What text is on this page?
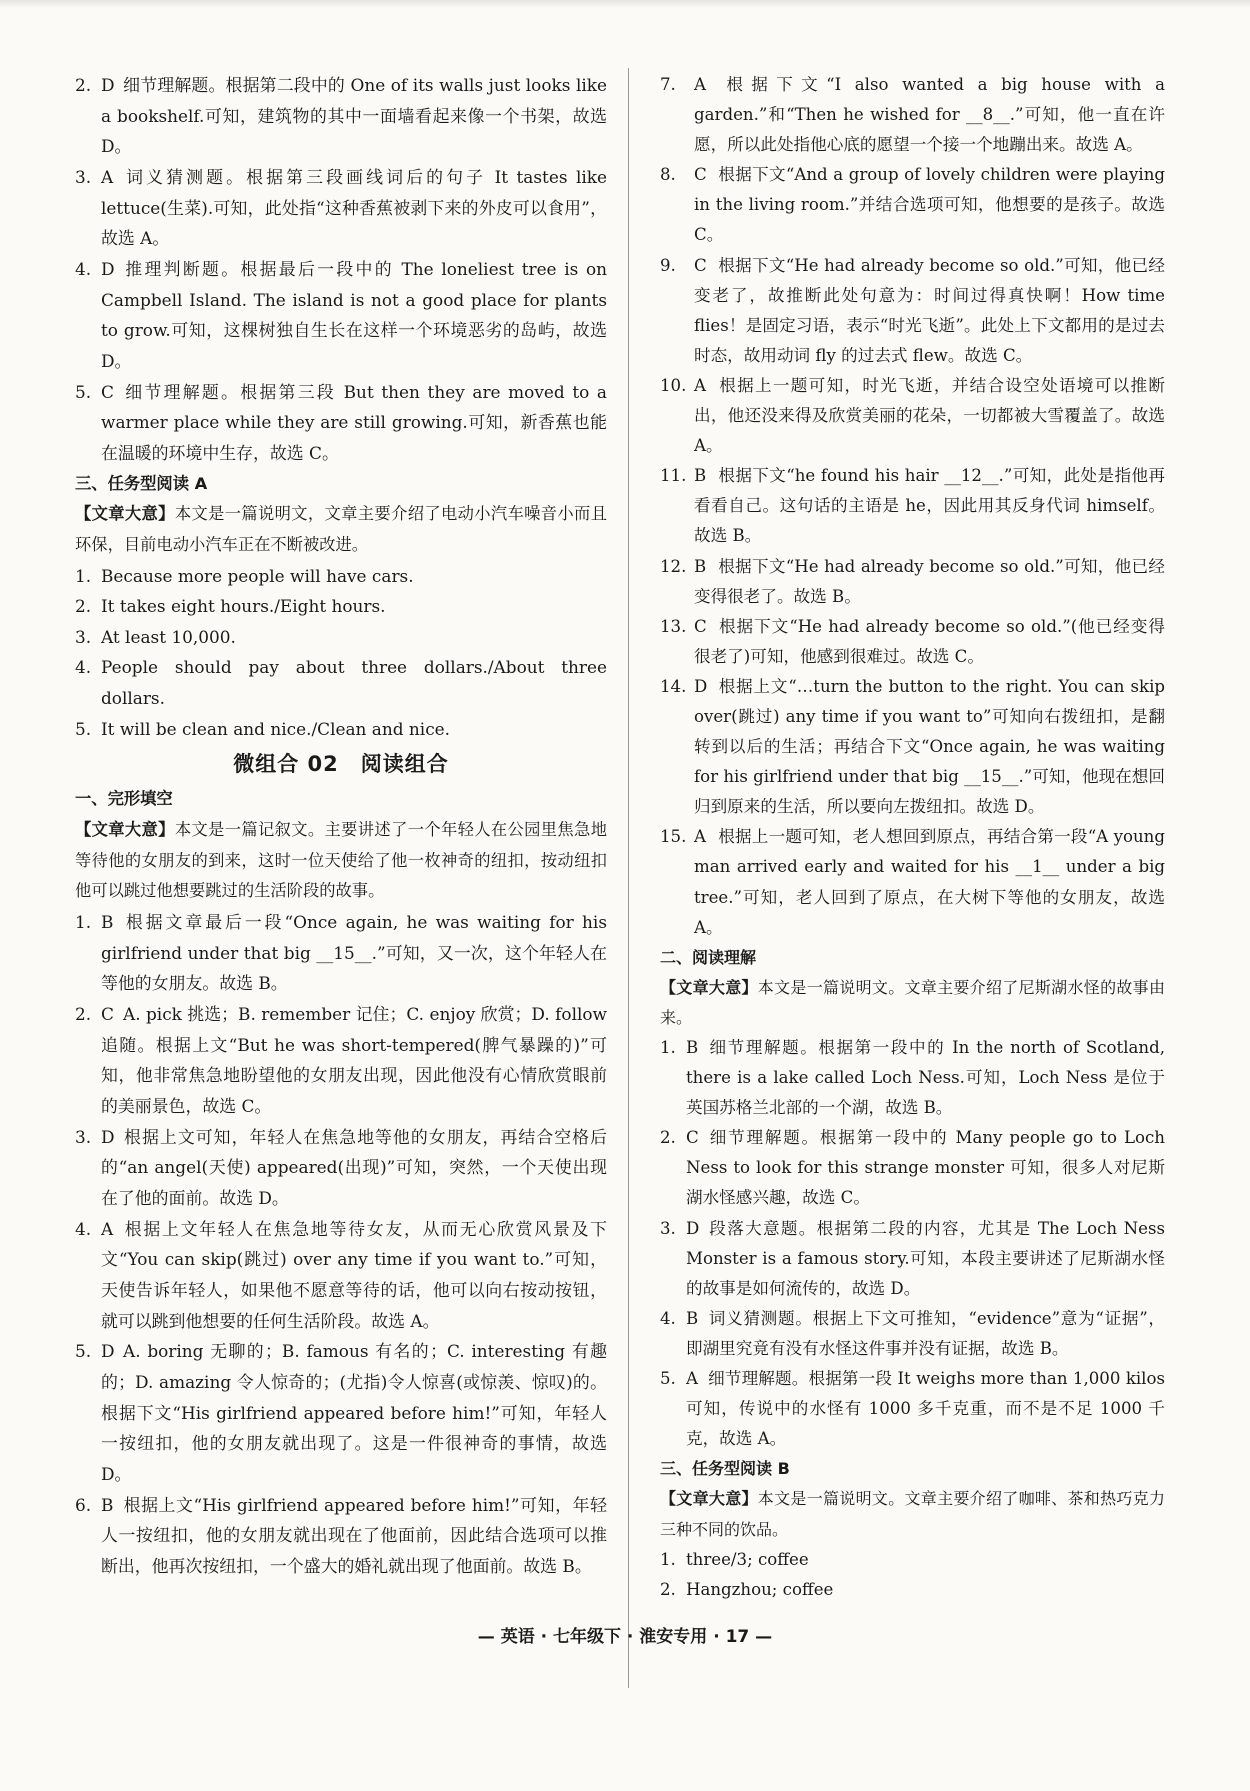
2. D 细节理解题。根据第二段中的 One of its walls just looks like a bookshelf.可知，建筑物的其中一面墙看起来像一个书架，故选 D。
3. A 词义猜测题。根据第三段画线词后的句子 It tastes like lettuce(生菜).可知，此处指“这种香蕉被剥下来的外皮可以食用”，故选 A。
4. D 推理判断题。根据最后一段中的 The loneliest tree is on Campbell Island. The island is not a good place for plants to grow.可知，这棵树独自生长在这样一个环境恶劣的岛屿，故选 D。
5. C 细节理解题。根据第三段 But then they are moved to a warmer place while they are still growing.可知，新香蕉也能在温暖的环境中生存，故选 C。
三、任务型阅读 A
【文章大意】本文是一篇说明文，文章主要介绍了电动小汽车噪音小而且环保，目前电动小汽车正在不断被改进。
1. Because more people will have cars.
2. It takes eight hours./Eight hours.
3. At least 10,000.
4. People should pay about three dollars./About three dollars.
5. It will be clean and nice./Clean and nice.
微组合 02　阅读组合
一、完形填空
【文章大意】本文是一篇记叙文。主要讲述了一个年轻人在公园里焦急地等待他的女朋友的到来，这时一位天使给了他一枚神奇的纽扣，按动纽扣他可以跳过他想要跳过的生活阶段的故事。
1. B 根据文章最后一段“Once again, he was waiting for his girlfriend under that big __15__.”可知，又一次，这个年轻人在等他的女朋友。故选 B。
2. C A. pick 挑选；B. remember 记住；C. enjoy 欣赏；D. follow追随。根据上文“But he was short-tempered(脾气暴躁的)”可知，他非常焦急地盼望他的女朋友出现，因此他没有心情欣赏眼前的美丽景色，故选 C。
3. D 根据上文可知，年轻人在焦急地等他的女朋友，再结合空格后的“an angel(天使) appeared(出现)”可知，突然，一个天使出现在了他的面前。故选 D。
4. A 根据上文年轻人在焦急地等待女友，从而无心欣赏风景及下文“You can skip(跳过) over any time if you want to.”可知，天使告诉年轻人，如果他不愿意等待的话，他可以向右按动按钮，就可以跳到他想要的任何生活阶段。故选 A。
5. D A. boring 无聊的；B. famous 有名的；C. interesting 有趣的；D. amazing 令人惊奇的；(尤指)令人惊喜(或惊羡、惊叹)的。根据下文“His girlfriend appeared before him!”可知，年轻人一按纽扣，他的女朋友就出现了。这是一件很神奇的事情，故选 D。
6. B 根据上文“His girlfriend appeared before him!”可知，年轻人一按纽扣，他的女朋友就出现在了他面前，因此结合选项可以推断出，他再次按纽扣，一个盛大的婚礼就出现了他面前。故选 B。
7. A 根据下文“I also wanted a big house with a garden.”和“Then he wished for __8__.”可知，他一直在许愿，所以此处指他心底的愿望一个接一个地蹦出来。故选 A。
8. C 根据下文“And a group of lovely children were playing in the living room.”并结合选项可知，他想要的是孩子。故选 C。
9. C 根据下文“He had already become so old.”可知，他已经变老了，故推断此处句意为：时间过得真快啊！How time flies！是固定习语，表示“时光飞逝”。此处上下文都用的是过去时态，故用动词 fly 的过去式 flew。故选 C。
10. A 根据上一题可知，时光飞逝，并结合设空处语境可以推断出，他还没来得及欣赏美丽的花朵，一切都被大雪覆盖了。故选 A。
11. B 根据下文“he found his hair __12__.”可知，此处是指他再看看自己。这句话的主语是 he，因此用其反身代词 himself。故选 B。
12. B 根据下文“He had already become so old.”可知，他已经变得很老了。故选 B。
13. C 根据下文“He had already become so old.”(他已经变得很老了)可知，他感到很难过。故选 C。
14. D 根据上文“…turn the button to the right. You can skip over(跳过) any time if you want to”可知向右拨纽扣，是翻转到以后的生活；再结合下文“Once again, he was waiting for his girlfriend under that big __15__.”可知，他现在想回归到原来的生活，所以要向左拨纽扣。故选 D。
15. A 根据上一题可知，老人想回到原点，再结合第一段“A young man arrived early and waited for his __1__ under a big tree.”可知，老人回到了原点，在大树下等他的女朋友，故选 A。
二、阅读理解
【文章大意】本文是一篇说明文。文章主要介绍了尼斯湖水怪的故事由来。
1. B 细节理解题。根据第一段中的 In the north of Scotland, there is a lake called Loch Ness.可知，Loch Ness 是位于英国苏格兰北部的一个湖，故选 B。
2. C 细节理解题。根据第一段中的 Many people go to Loch Ness to look for this strange monster 可知，很多人对尼斯湖水怪感兴趣，故选 C。
3. D 段落大意题。根据第二段的内容，尤其是 The Loch Ness Monster is a famous story.可知，本段主要讲述了尼斯湖水怪的故事是如何流传的，故选 D。
4. B 词义猜测题。根据上下文可推知，“evidence”意为“证据”，即湖里究竟有没有水怪这件事并没有证据，故选 B。
5. A 细节理解题。根据第一段 It weighs more than 1,000 kilos 可知，传说中的水怪有 1000 多千克重，而不是不足 1000 千克，故选 A。
三、任务型阅读 B
【文章大意】本文是一篇说明文。文章主要介绍了咖啡、茶和热巧克力三种不同的饮品。
1. three/3; coffee
2. Hangzhou; coffee
— 英语 · 七年级下 · 淮安专用 · 17 —
